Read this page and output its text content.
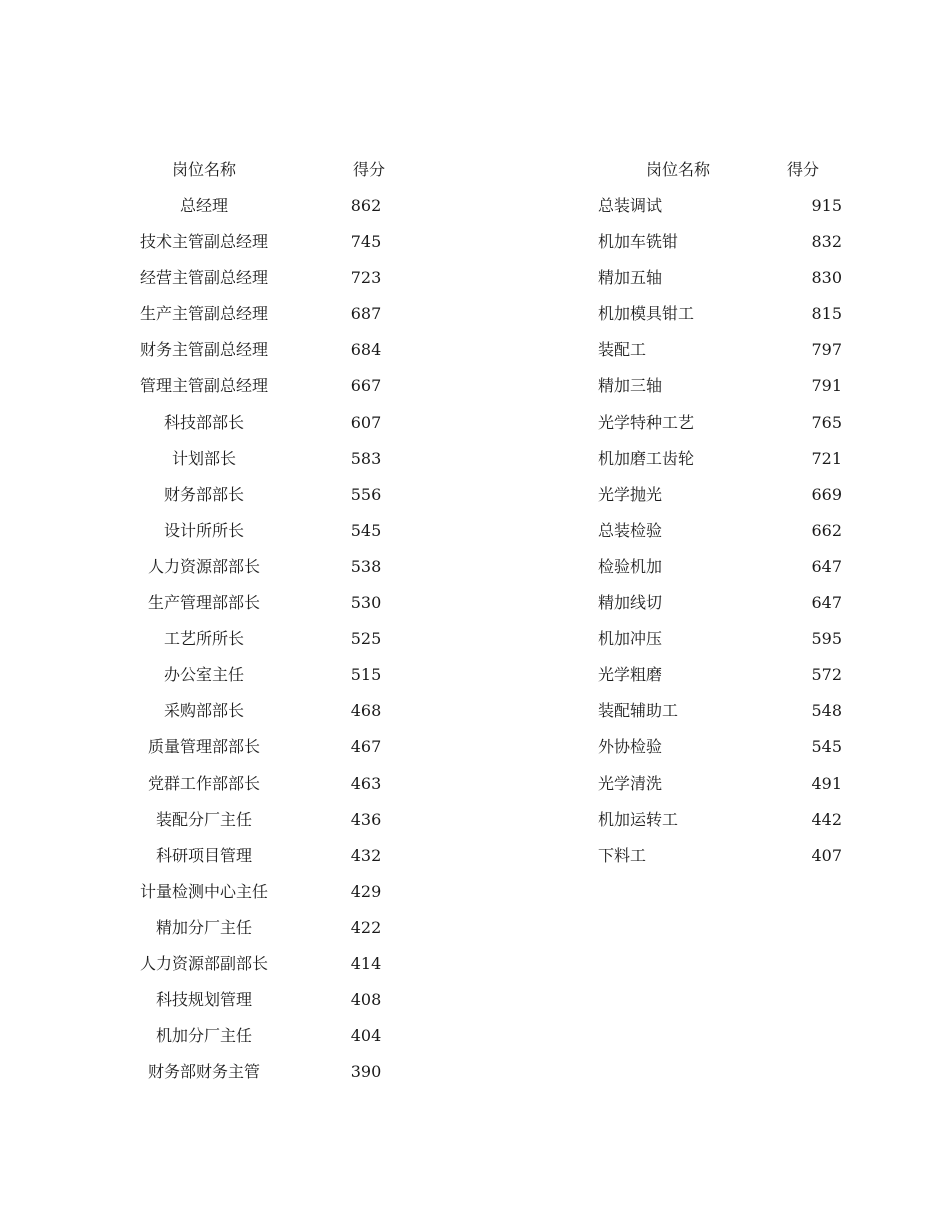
岗位名称	得分
总经理	862
技术主管副总经理	745
经营主管副总经理	723
生产主管副总经理	687
财务主管副总经理	684
管理主管副总经理	667
科技部部长	607
计划部长	583
财务部部长	556
设计所所长	545
人力资源部部长	538
生产管理部部长	530
工艺所所长	525
办公室主任	515
采购部部长	468
质量管理部部长	467
党群工作部部长	463
装配分厂主任	436
科研项目管理	432
计量检测中心主任	429
精加分厂主任	422
人力资源部副部长	414
科技规划管理	408
机加分厂主任	404
财务部财务主管	390
岗位名称	得分
总装调试	915
机加车铣钳	832
精加五轴	830
机加模具钳工	815
装配工	797
精加三轴	791
光学特种工艺	765
机加磨工齿轮	721
光学抛光	669
总装检验	662
检验机加	647
精加线切	647
机加冲压	595
光学粗磨	572
装配辅助工	548
外协检验	545
光学清洗	491
机加运转工	442
下料工	407
